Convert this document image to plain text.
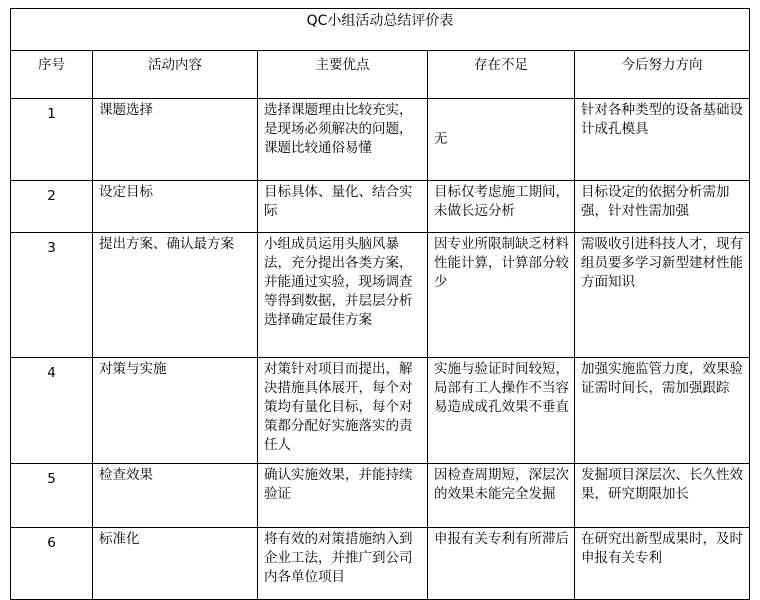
QC小组活动总结评价表				
序号	活动内容	主要优点	存在不足	今后努力方向
1	课题选择	选择课题理由比较充实，是现场必须解决的问题，课题比较通俗易懂	无	针对各种类型的设备基础设计成孔模具
2	设定目标	目标具体、量化、结合实际	目标仅考虑施工期间，未做长远分析	目标设定的依据分析需加强，针对性需加强
3	提出方案、确认最方案	小组成员运用头脑风暴法，充分提出各类方案，并能通过实验，现场调查等得到数据，并层层分析选择确定最佳方案	因专业所限制缺乏材料性能计算，计算部分较少	需吸收引进科技人才，现有组员要多学习新型建材性能方面知识
4	对策与实施	对策针对项目而提出，解决措施具体展开，每个对策均有量化目标，每个对策都分配好实施落实的责任人	实施与验证时间较短，局部有工人操作不当容易造成成孔效果不垂直	加强实施监管力度，效果验证需时间长，需加强跟踪
5	检查效果	确认实施效果，并能持续验证	因检查周期短，深层次的效果未能完全发掘	发掘项目深层次、长久性效果，研究期限加长
6	标准化	将有效的对策措施纳入到企业工法，并推广到公司内各单位项目	申报有关专利有所滞后	在研究出新型成果时，及时申报有关专利
